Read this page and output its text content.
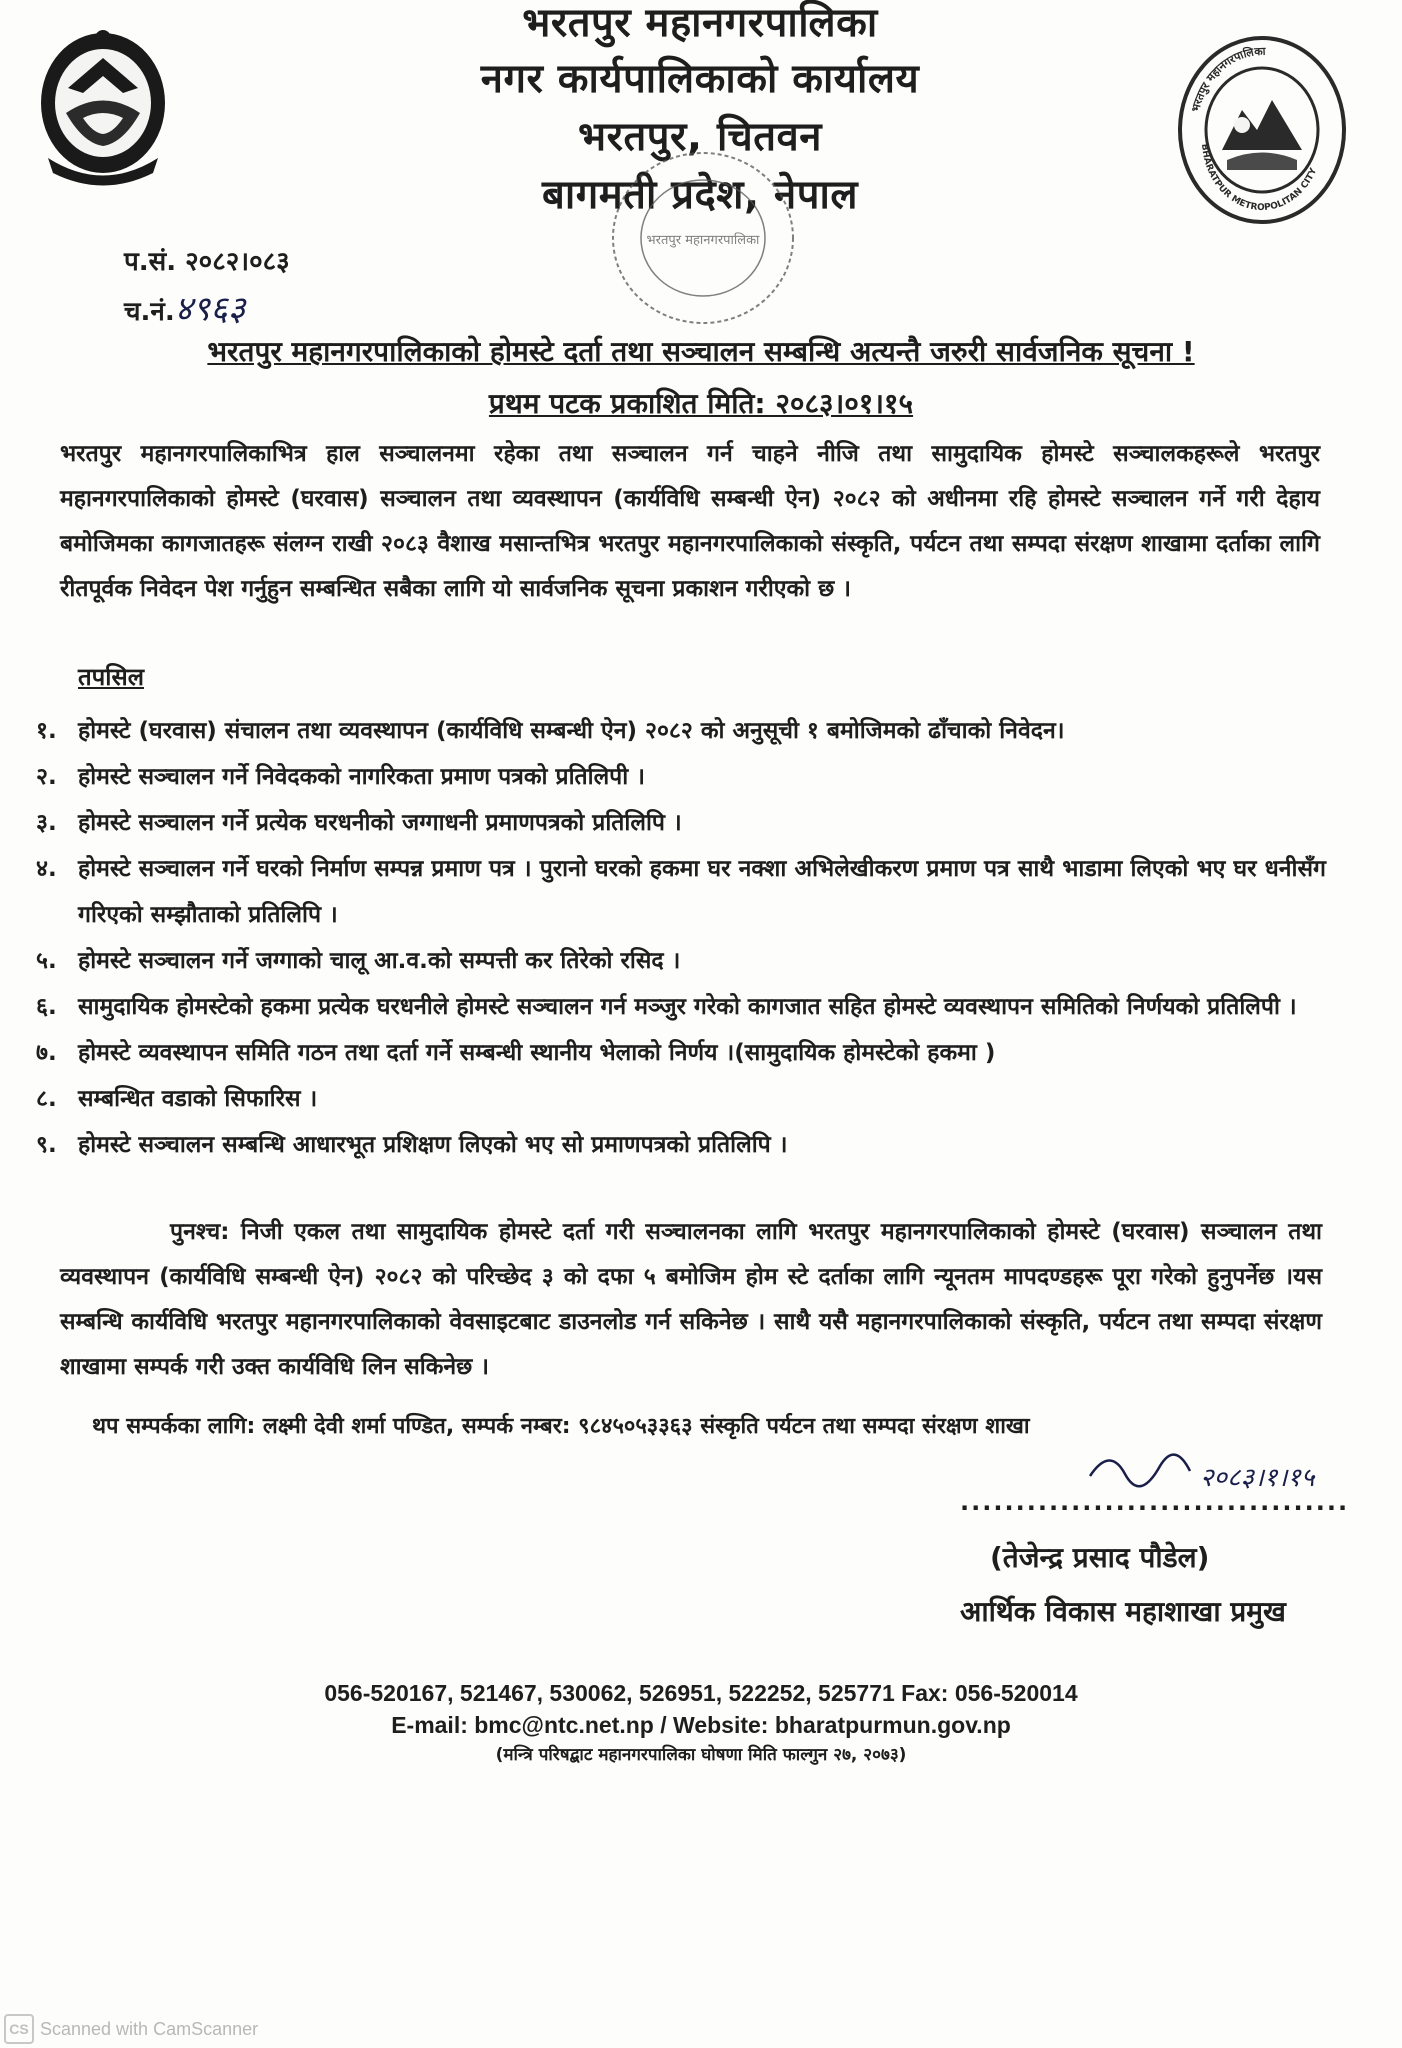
भरतपुर महानगरपालिका
BHARATPUR METROPOLITAN CITY
भरतपुर महानगरपालिका
नगर कार्यपालिकाको कार्यालय
भरतपुर, चितवन
बागमती प्रदेश, नेपाल
भरतपुर महानगरपालिका
प.सं. २०८२।०८३
च.नं.४९६३
भरतपुर महानगरपालिकाको होमस्टे दर्ता तथा सञ्चालन सम्बन्धि अत्यन्तै जरुरी सार्वजनिक सूचना !
प्रथम पटक प्रकाशित मिति: २०८३।०१।१५
भरतपुर महानगरपालिकाभित्र हाल सञ्चालनमा रहेका तथा सञ्चालन गर्न चाहने नीजि तथा सामुदायिक होमस्टे सञ्चालकहरूले भरतपुर महानगरपालिकाको होमस्टे (घरवास) सञ्चालन तथा व्यवस्थापन (कार्यविधि सम्बन्धी ऐन) २०८२ को अधीनमा रहि होमस्टे सञ्चालन गर्ने गरी देहाय बमोजिमका कागजातहरू संलग्न राखी २०८३ वैशाख मसान्तभित्र भरतपुर महानगरपालिकाको संस्कृति, पर्यटन तथा सम्पदा संरक्षण शाखामा दर्ताका लागि रीतपूर्वक निवेदन पेश गर्नुहुन सम्बन्धित सबैका लागि यो सार्वजनिक सूचना प्रकाशन गरीएको छ ।
तपसिल
१. होमस्टे (घरवास) संचालन तथा व्यवस्थापन (कार्यविधि सम्बन्धी ऐन) २०८२ को अनुसूची १ बमोजिमको ढाँचाको निवेदन।
२. होमस्टे सञ्चालन गर्ने निवेदकको नागरिकता प्रमाण पत्रको प्रतिलिपी ।
३. होमस्टे सञ्चालन गर्ने प्रत्येक घरधनीको जग्गाधनी प्रमाणपत्रको प्रतिलिपि ।
४. होमस्टे सञ्चालन गर्ने घरको निर्माण सम्पन्न प्रमाण पत्र । पुरानो घरको हकमा घर नक्शा अभिलेखीकरण प्रमाण पत्र साथै भाडामा लिएको भए घर धनीसँग गरिएको सम्झौताको प्रतिलिपि ।
५. होमस्टे सञ्चालन गर्ने जग्गाको चालू आ.व.को सम्पत्ती कर तिरेको रसिद ।
६. सामुदायिक होमस्टेको हकमा प्रत्येक घरधनीले होमस्टे सञ्चालन गर्न मञ्जुर गरेको कागजात सहित होमस्टे व्यवस्थापन समितिको निर्णयको प्रतिलिपी ।
७. होमस्टे व्यवस्थापन समिति गठन तथा दर्ता गर्ने सम्बन्धी स्थानीय भेलाको निर्णय ।(सामुदायिक होमस्टेको हकमा )
८. सम्बन्धित वडाको सिफारिस ।
९. होमस्टे सञ्चालन सम्बन्धि आधारभूत प्रशिक्षण लिएको भए सो प्रमाणपत्रको प्रतिलिपि ।
पुनश्च: निजी एकल तथा सामुदायिक होमस्टे दर्ता गरी सञ्चालनका लागि भरतपुर महानगरपालिकाको होमस्टे (घरवास) सञ्चालन तथा व्यवस्थापन (कार्यविधि सम्बन्धी ऐन) २०८२ को परिच्छेद ३ को दफा ५ बमोजिम होम स्टे दर्ताका लागि न्यूनतम मापदण्डहरू पूरा गरेको हुनुपर्नेछ ।यस सम्बन्धि कार्यविधि भरतपुर महानगरपालिकाको वेवसाइटबाट डाउनलोड गर्न सकिनेछ । साथै यसै महानगरपालिकाको संस्कृति, पर्यटन तथा सम्पदा संरक्षण शाखामा सम्पर्क गरी उक्त कार्यविधि लिन सकिनेछ ।
थप सम्पर्कका लागि: लक्ष्मी देवी शर्मा पण्डित, सम्पर्क नम्बर: ९८४५०५३३६३ संस्कृति पर्यटन तथा सम्पदा संरक्षण शाखा
२०८३।१।१५
...................................
(तेजेन्द्र प्रसाद पौडेल)
आर्थिक विकास महाशाखा प्रमुख
056-520167, 521467, 530062, 526951, 522252, 525771 Fax: 056-520014
E-mail: bmc@ntc.net.np / Website: bharatpurmun.gov.np
(मन्त्रि परिषद्बाट महानगरपालिका घोषणा मिति फाल्गुन २७, २०७३)
CS Scanned with CamScanner
